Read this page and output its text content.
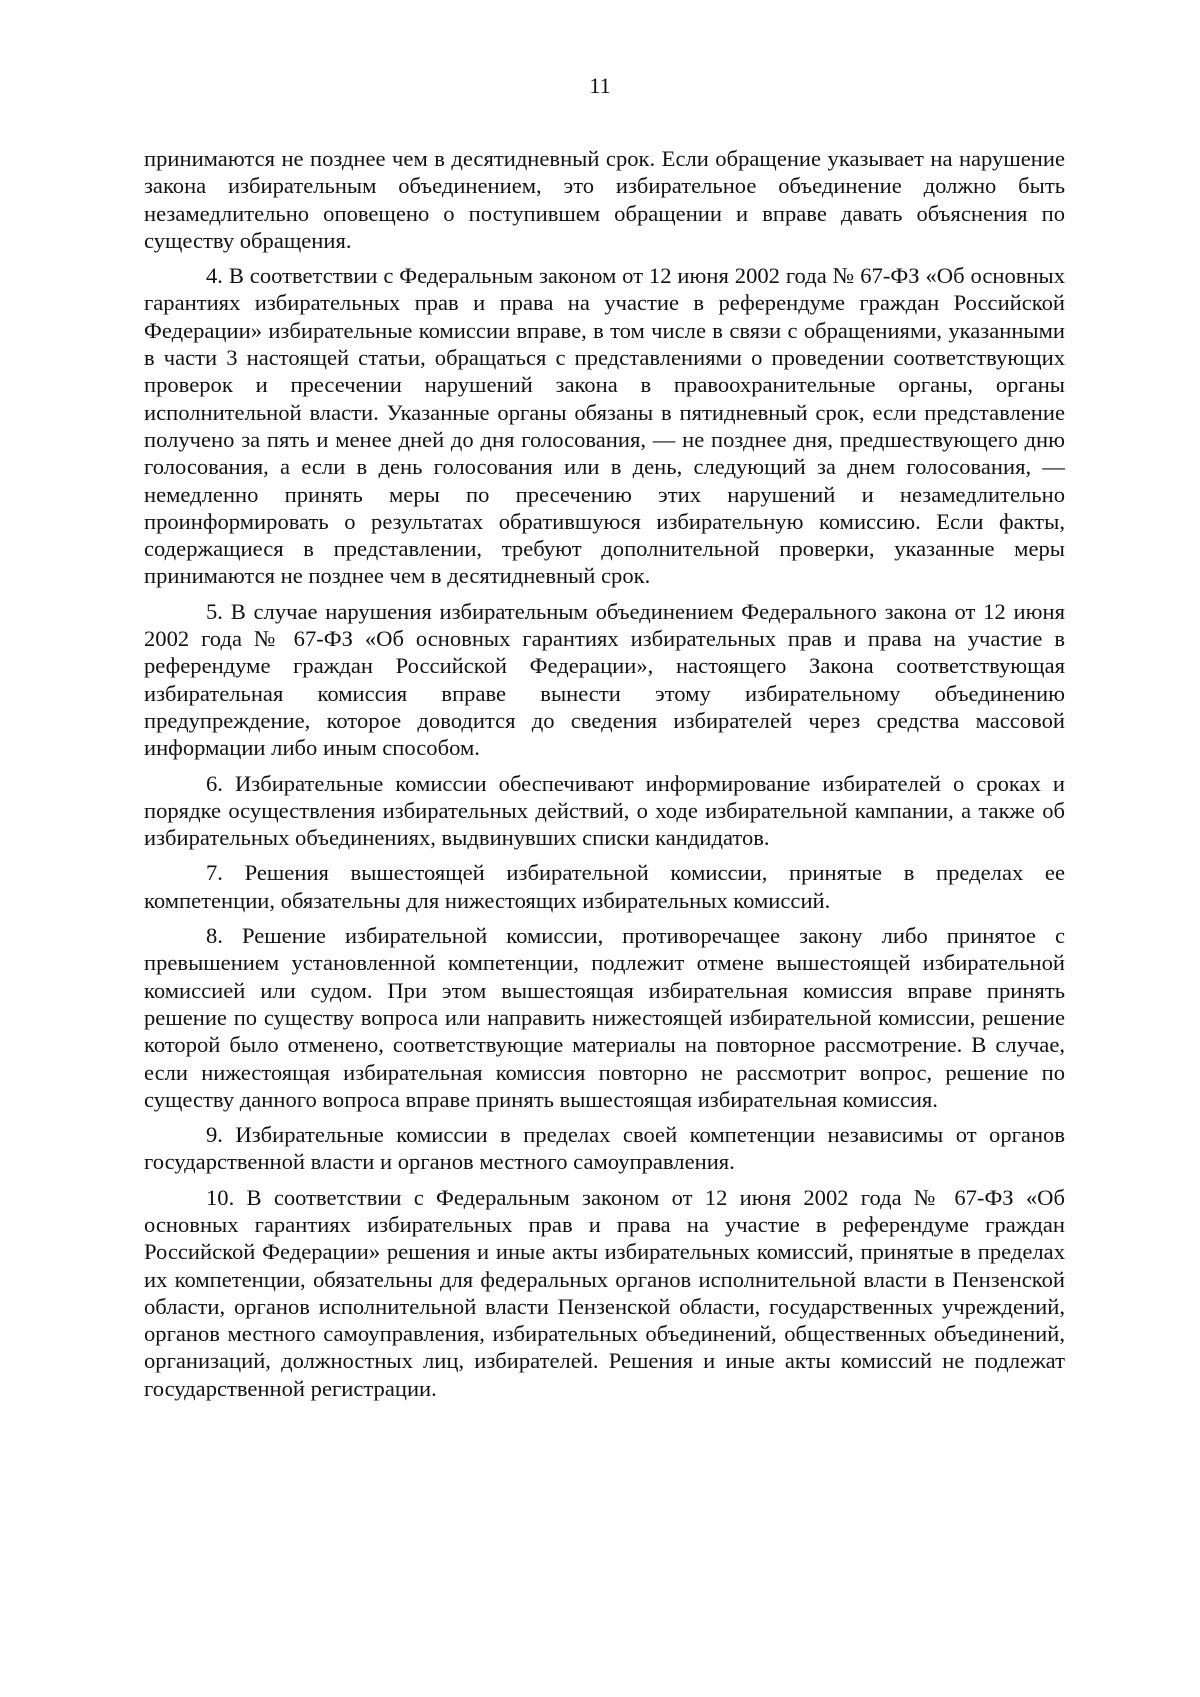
11

принимаются не позднее чем в десятидневный срок. Если обращение указывает на нарушение закона избирательным объединением, это избирательное объединение должно быть незамедлительно оповещено о поступившем обращении и вправе давать объяснения по существу обращения.

4. В соответствии с Федеральным законом от 12 июня 2002 года № 67-ФЗ «Об основных гарантиях избирательных прав и права на участие в референдуме граждан Российской Федерации» избирательные комиссии вправе, в том числе в связи с обращениями, указанными в части 3 настоящей статьи, обращаться с представлениями о проведении соответствующих проверок и пресечении нарушений закона в правоохранительные органы, органы исполнительной власти. Указанные органы обязаны в пятидневный срок, если представление получено за пять и менее дней до дня голосования, — не позднее дня, предшествующего дню голосования, а если в день голосования или в день, следующий за днем голосования, — немедленно принять меры по пресечению этих нарушений и незамедлительно проинформировать о результатах обратившуюся избирательную комиссию. Если факты, содержащиеся в представлении, требуют дополнительной проверки, указанные меры принимаются не позднее чем в десятидневный срок.

5. В случае нарушения избирательным объединением Федерального закона от 12 июня 2002 года № 67-ФЗ «Об основных гарантиях избирательных прав и права на участие в референдуме граждан Российской Федерации», настоящего Закона соответствующая избирательная комиссия вправе вынести этому избирательному объединению предупреждение, которое доводится до сведения избирателей через средства массовой информации либо иным способом.

6. Избирательные комиссии обеспечивают информирование избирателей о сроках и порядке осуществления избирательных действий, о ходе избирательной кампании, а также об избирательных объединениях, выдвинувших списки кандидатов.

7. Решения вышестоящей избирательной комиссии, принятые в пределах ее компетенции, обязательны для нижестоящих избирательных комиссий.

8. Решение избирательной комиссии, противоречащее закону либо принятое с превышением установленной компетенции, подлежит отмене вышестоящей избирательной комиссией или судом. При этом вышестоящая избирательная комиссия вправе принять решение по существу вопроса или направить нижестоящей избирательной комиссии, решение которой было отменено, соответствующие материалы на повторное рассмотрение. В случае, если нижестоящая избирательная комиссия повторно не рассмотрит вопрос, решение по существу данного вопроса вправе принять вышестоящая избирательная комиссия.

9. Избирательные комиссии в пределах своей компетенции независимы от органов государственной власти и органов местного самоуправления.

10. В соответствии с Федеральным законом от 12 июня 2002 года № 67-ФЗ «Об основных гарантиях избирательных прав и права на участие в референдуме граждан Российской Федерации» решения и иные акты избирательных комиссий, принятые в пределах их компетенции, обязательны для федеральных органов исполнительной власти в Пензенской области, органов исполнительной власти Пензенской области, государственных учреждений, органов местного самоуправления, избирательных объединений, общественных объединений, организаций, должностных лиц, избирателей. Решения и иные акты комиссий не подлежат государственной регистрации.
